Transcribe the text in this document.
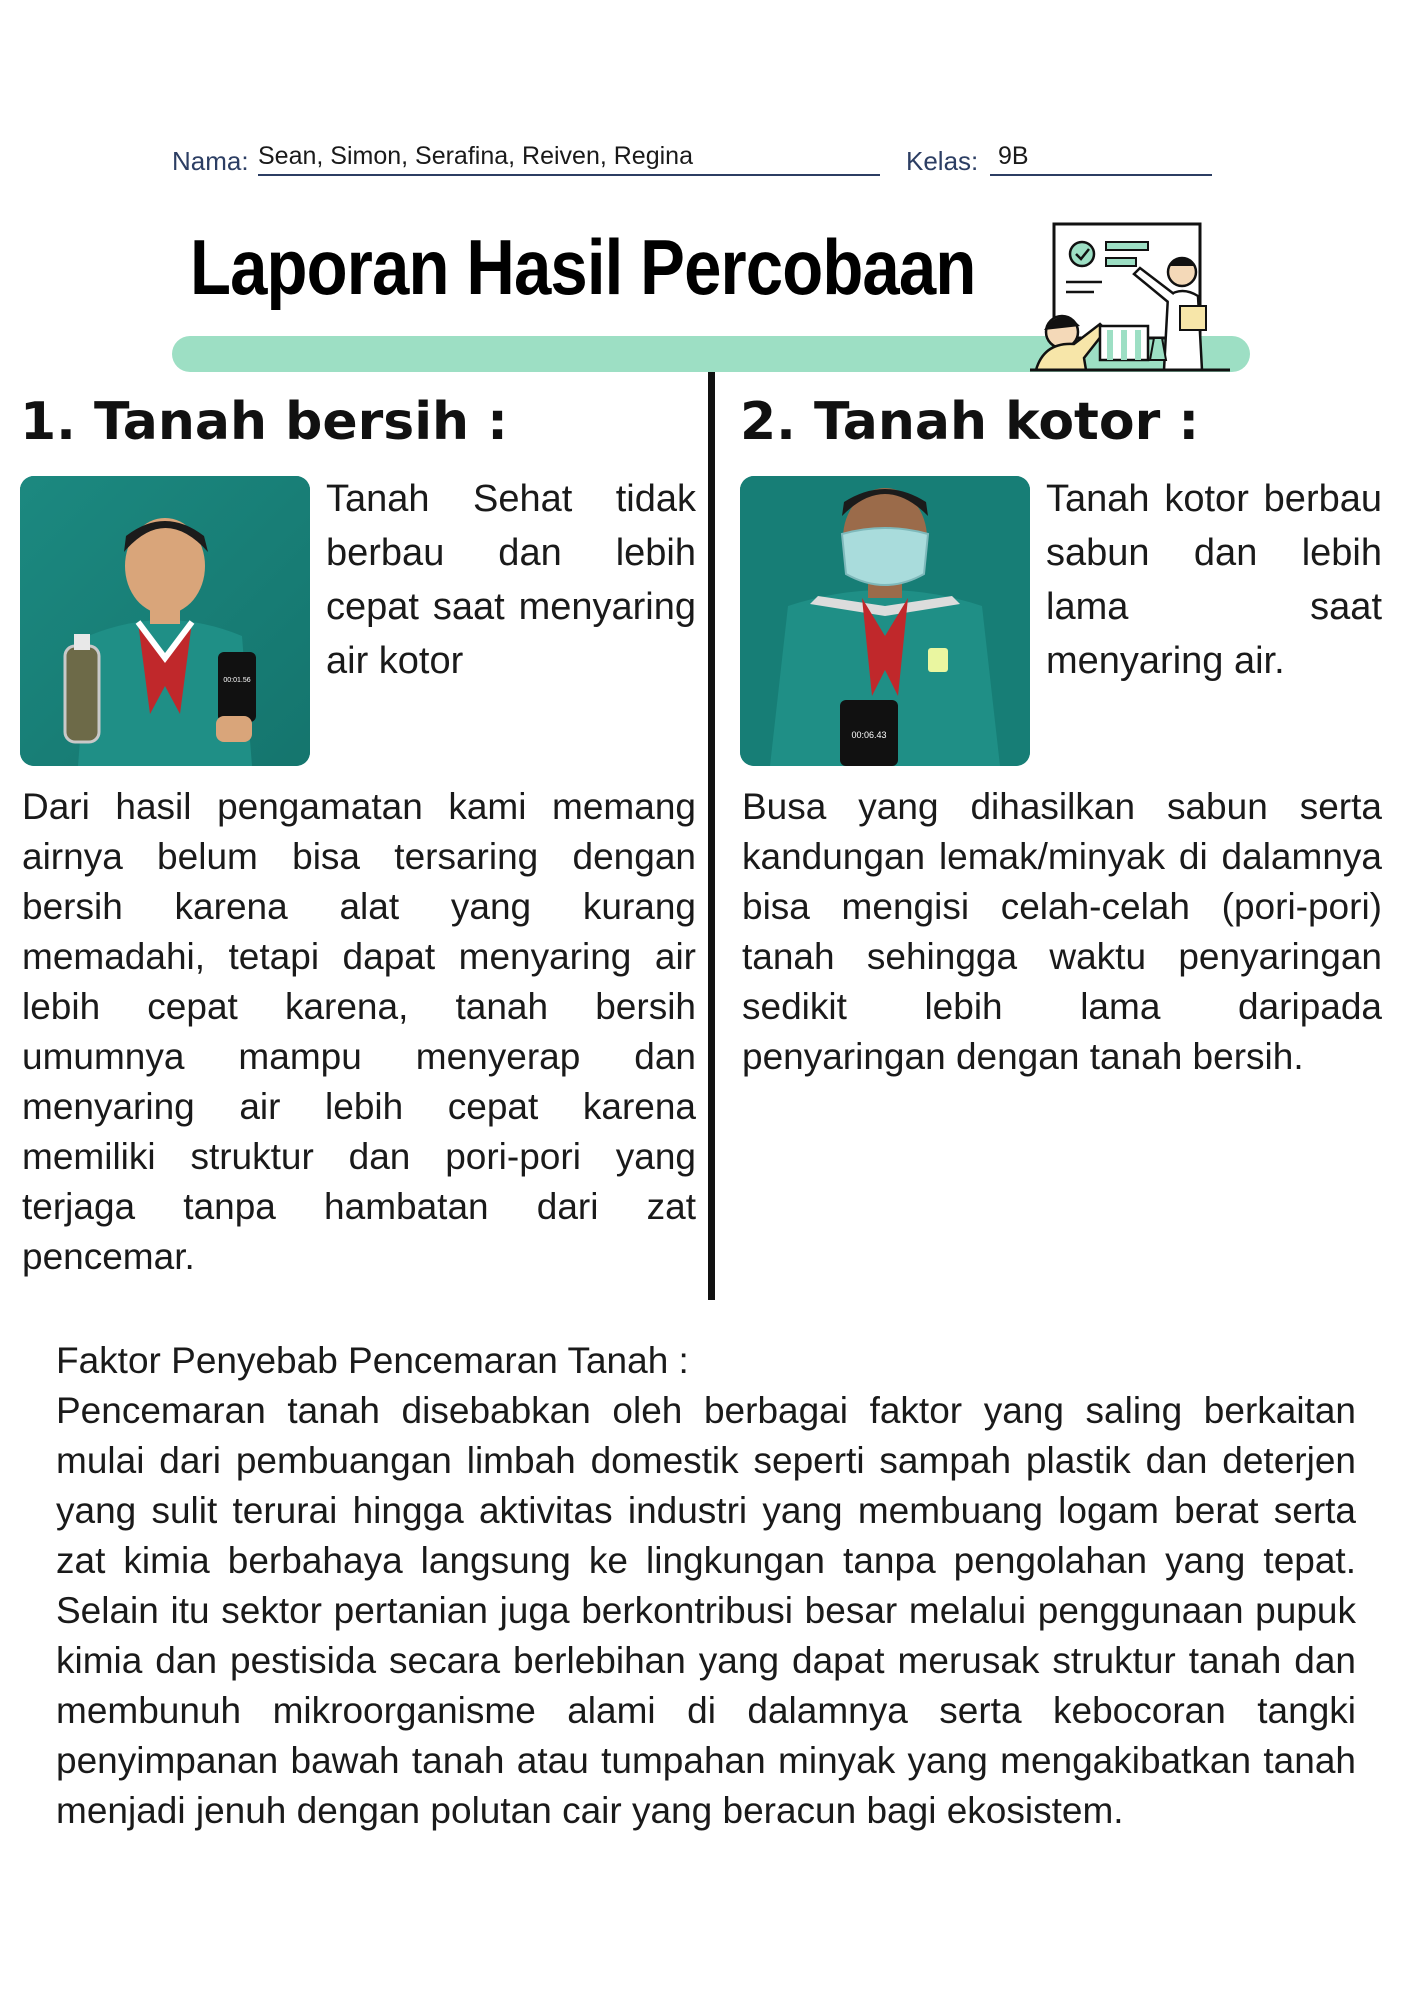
Nama: Sean, Simon, Serafina, Reiven, Regina	Kelas: 9B
Laporan Hasil Percobaan
1. Tanah bersih :
00:01.56
Tanah Sehat tidak berbau dan lebih cepat saat menyaring air kotor
Dari hasil pengamatan kami memang airnya belum bisa tersaring dengan bersih karena alat yang kurang memadahi, tetapi dapat menyaring air lebih cepat karena, tanah bersih umumnya mampu menyerap dan menyaring air lebih cepat karena memiliki struktur dan pori-pori yang terjaga tanpa hambatan dari zat pencemar.
2. Tanah kotor :
00:06.43
Tanah kotor berbau sabun dan lebih lama saat menyaring air.
Busa yang dihasilkan sabun serta kandungan lemak/minyak di dalamnya bisa mengisi celah-celah (pori-pori) tanah sehingga waktu penyaringan sedikit lebih lama daripada penyaringan dengan tanah bersih.
Faktor Penyebab Pencemaran Tanah :
Pencemaran tanah disebabkan oleh berbagai faktor yang saling berkaitan mulai dari pembuangan limbah domestik seperti sampah plastik dan deterjen yang sulit terurai hingga aktivitas industri yang membuang logam berat serta zat kimia berbahaya langsung ke lingkungan tanpa pengolahan yang tepat. Selain itu sektor pertanian juga berkontribusi besar melalui penggunaan pupuk kimia dan pestisida secara berlebihan yang dapat merusak struktur tanah dan membunuh mikroorganisme alami di dalamnya serta kebocoran tangki penyimpanan bawah tanah atau tumpahan minyak yang mengakibatkan tanah menjadi jenuh dengan polutan cair yang beracun bagi ekosistem.
